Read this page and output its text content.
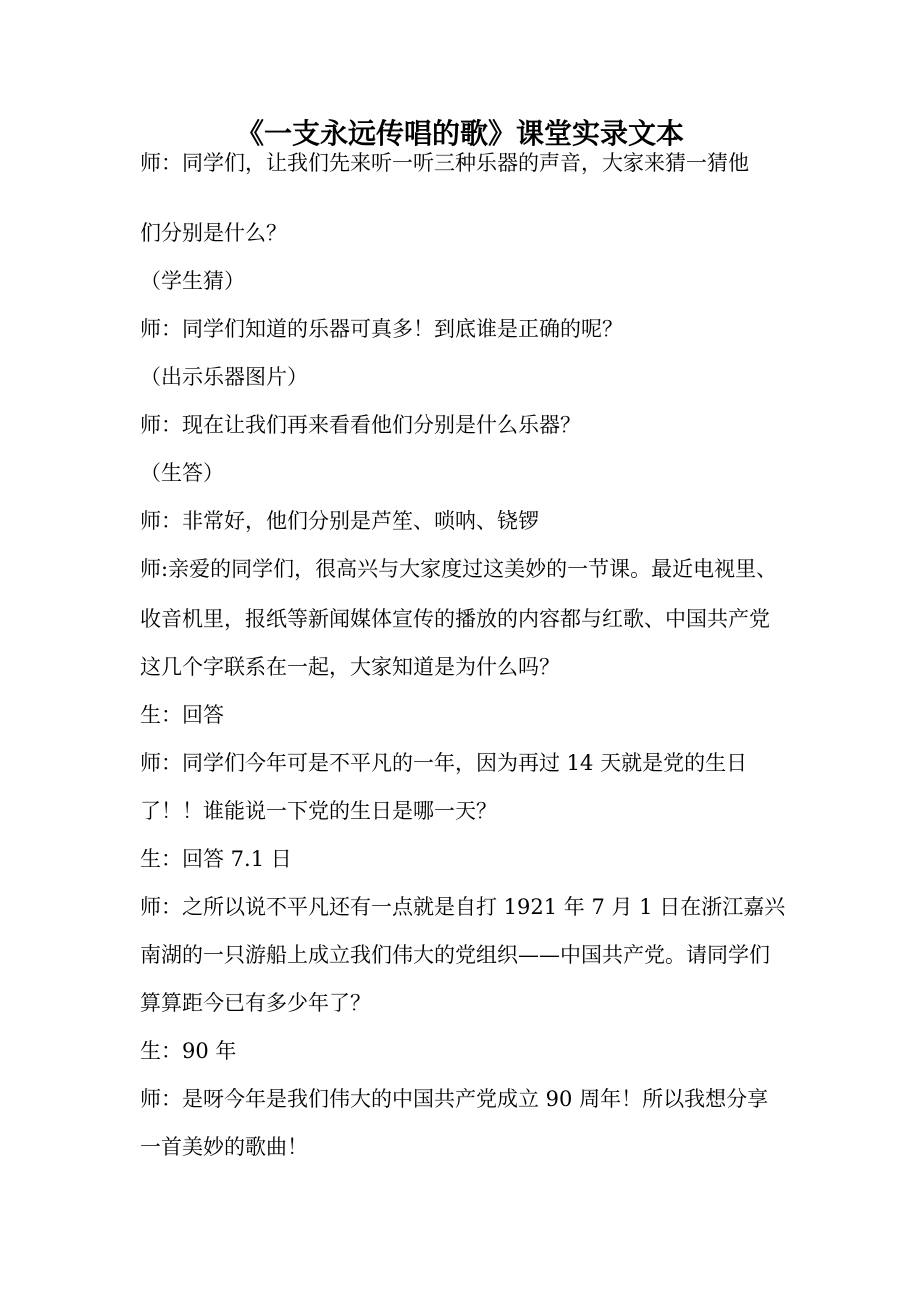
《一支永远传唱的歌》课堂实录文本
师：同学们，让我们先来听一听三种乐器的声音，大家来猜一猜他
们分别是什么？
（学生猜）
师：同学们知道的乐器可真多！到底谁是正确的呢？
（出示乐器图片）
师：现在让我们再来看看他们分别是什么乐器？
（生答）
师：非常好，他们分别是芦笙、唢呐、铙锣
师:亲爱的同学们，很高兴与大家度过这美妙的一节课。最近电视里、
收音机里，报纸等新闻媒体宣传的播放的内容都与红歌、中国共产党
这几个字联系在一起，大家知道是为什么吗？
生：回答
师：同学们今年可是不平凡的一年，因为再过 14 天就是党的生日
了！！谁能说一下党的生日是哪一天？
生：回答 7.1 日
师：之所以说不平凡还有一点就是自打 1921 年 7 月 1 日在浙江嘉兴
南湖的一只游船上成立我们伟大的党组织——中国共产党。请同学们
算算距今已有多少年了？
生：90 年
师：是呀今年是我们伟大的中国共产党成立 90 周年！所以我想分享
一首美妙的歌曲！
